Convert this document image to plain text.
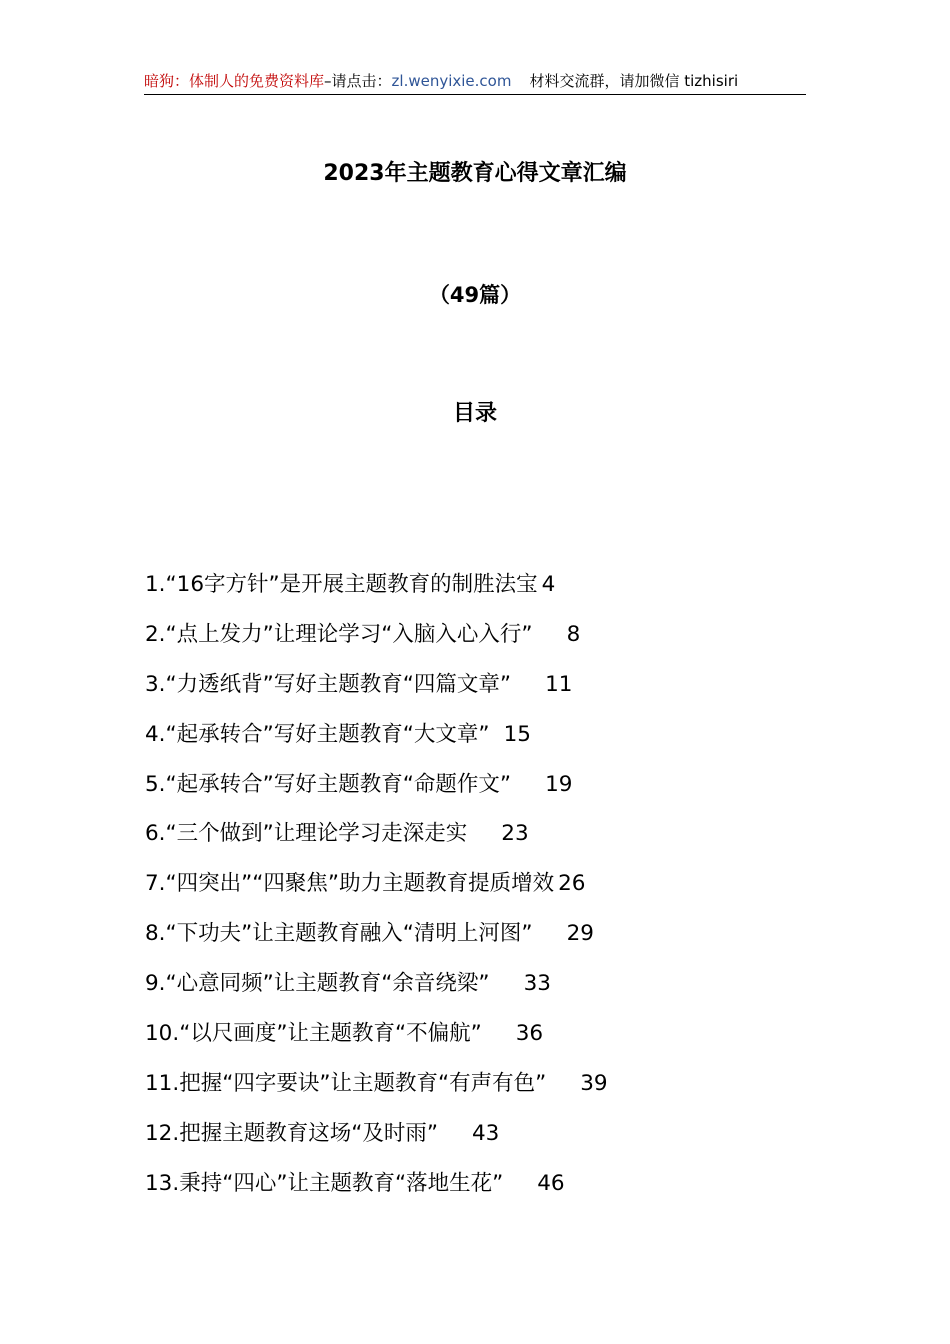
暗狗：体制人的免费资料库–请点击：zl.wenyixie.com 材料交流群，请加微信 tizhisiri
2023年主题教育心得文章汇编
（49篇）
目录
1.“16字方针”是开展主题教育的制胜法宝 4
2.“点上发力”让理论学习“入脑入心入行” 8
3.“力透纸背”写好主题教育“四篇文章” 11
4.“起承转合”写好主题教育“大文章” 15
5.“起承转合”写好主题教育“命题作文” 19
6.“三个做到”让理论学习走深走实 23
7.“四突出”“四聚焦”助力主题教育提质增效 26
8.“下功夫”让主题教育融入“清明上河图” 29
9.“心意同频”让主题教育“余音绕梁” 33
10.“以尺画度”让主题教育“不偏航” 36
11.把握“四字要诀”让主题教育“有声有色” 39
12.把握主题教育这场“及时雨” 43
13.秉持“四心”让主题教育“落地生花” 46
